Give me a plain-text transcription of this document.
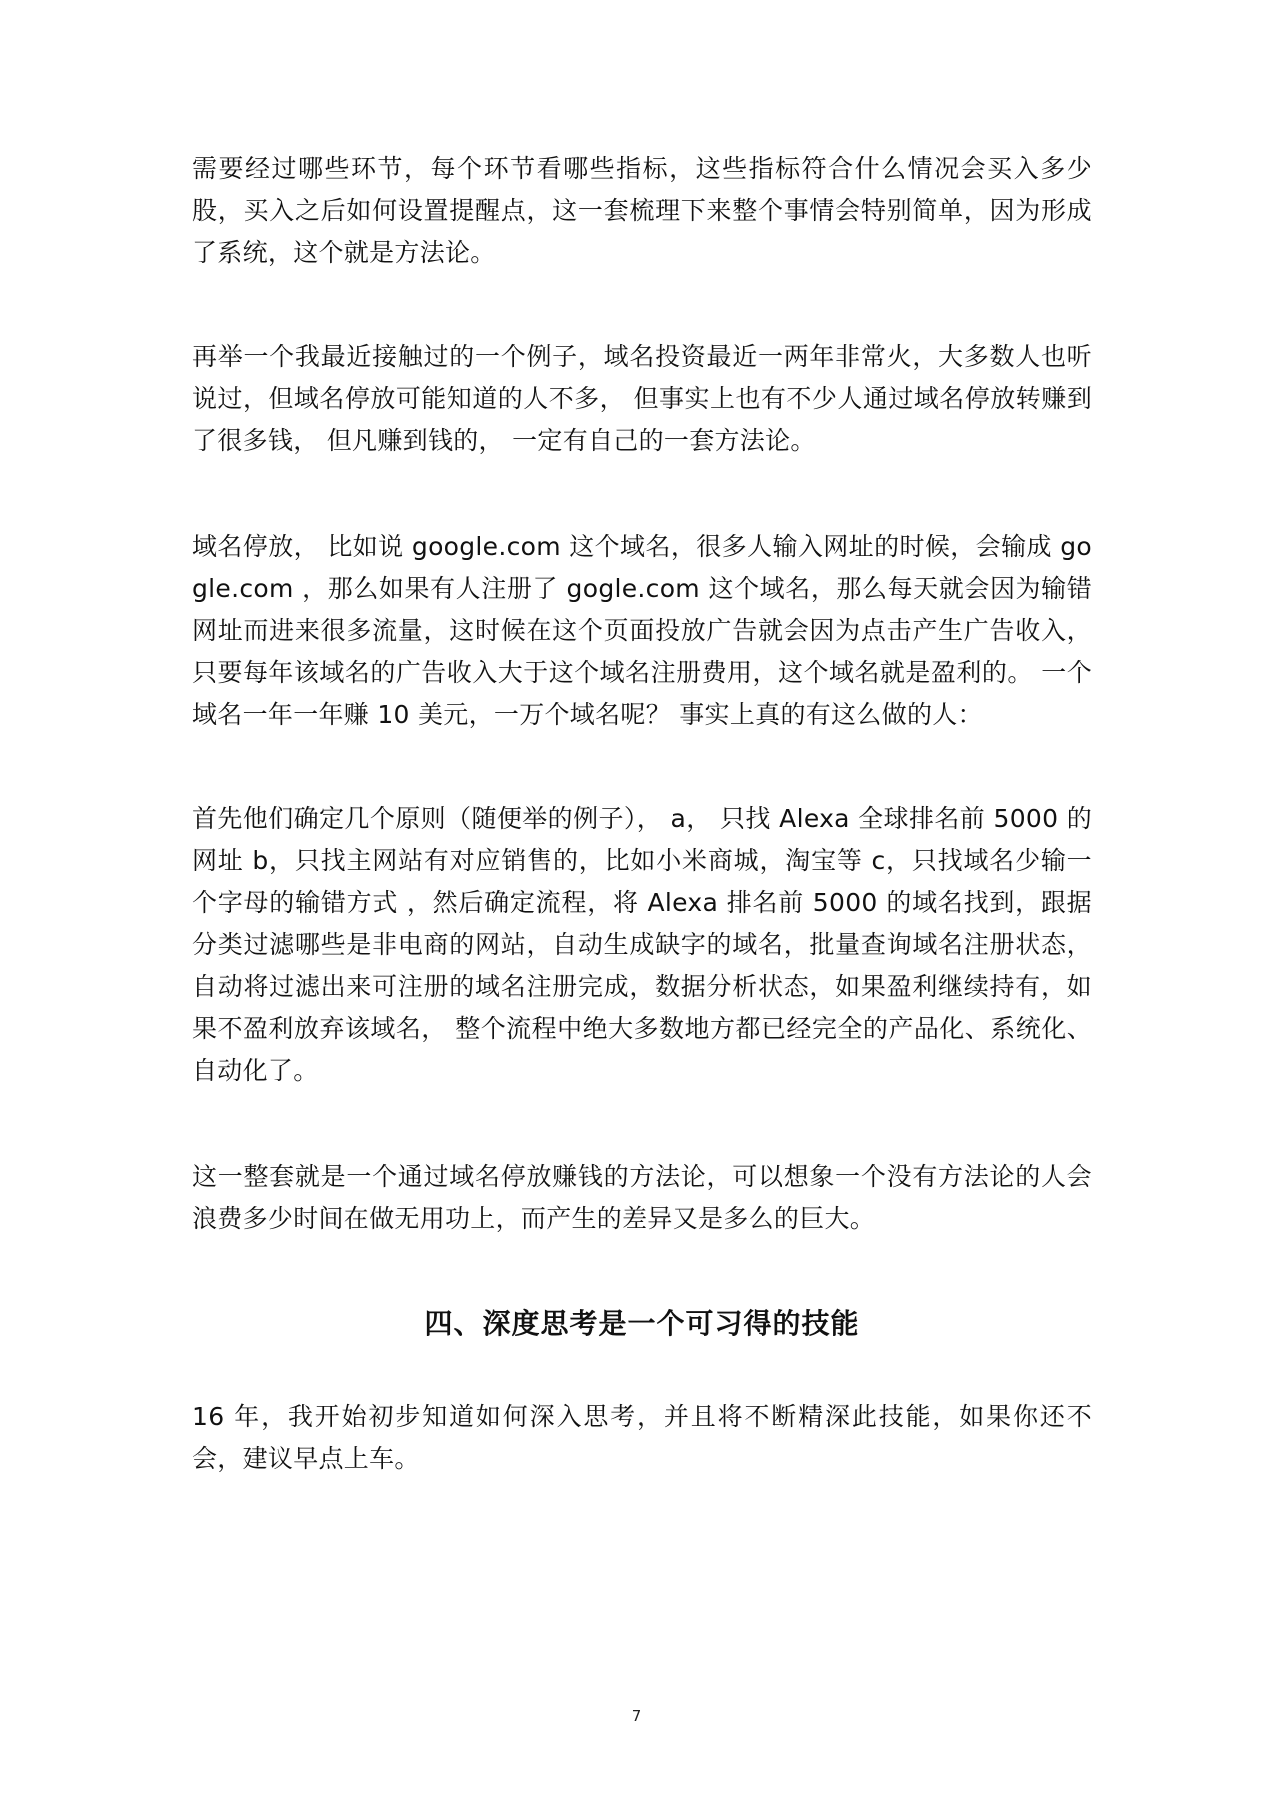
需要经过哪些环节，每个环节看哪些指标，这些指标符合什么情况会买入多少股，买入之后如何设置提醒点，这一套梳理下来整个事情会特别简单，因为形成了系统，这个就是方法论。

再举一个我最近接触过的一个例子，域名投资最近一两年非常火，大多数人也听说过，但域名停放可能知道的人不多， 但事实上也有不少人通过域名停放转赚到了很多钱， 但凡赚到钱的， 一定有自己的一套方法论。

域名停放， 比如说 google.com 这个域名，很多人输入网址的时候，会输成 gogle.com ，那么如果有人注册了 gogle.com 这个域名，那么每天就会因为输错网址而进来很多流量，这时候在这个页面投放广告就会因为点击产生广告收入，只要每年该域名的广告收入大于这个域名注册费用，这个域名就是盈利的。 一个域名一年一年赚 10 美元，一万个域名呢？ 事实上真的有这么做的人：

首先他们确定几个原则（随便举的例子）， a， 只找 Alexa 全球排名前 5000 的网址 b，只找主网站有对应销售的，比如小米商城，淘宝等 c，只找域名少输一个字母的输错方式 ，然后确定流程，将 Alexa 排名前 5000 的域名找到，跟据分类过滤哪些是非电商的网站，自动生成缺字的域名，批量查询域名注册状态，自动将过滤出来可注册的域名注册完成，数据分析状态，如果盈利继续持有，如果不盈利放弃该域名， 整个流程中绝大多数地方都已经完全的产品化、系统化、自动化了。

这一整套就是一个通过域名停放赚钱的方法论，可以想象一个没有方法论的人会浪费多少时间在做无用功上，而产生的差异又是多么的巨大。

四、深度思考是一个可习得的技能

16 年，我开始初步知道如何深入思考，并且将不断精深此技能，如果你还不会，建议早点上车。

7
